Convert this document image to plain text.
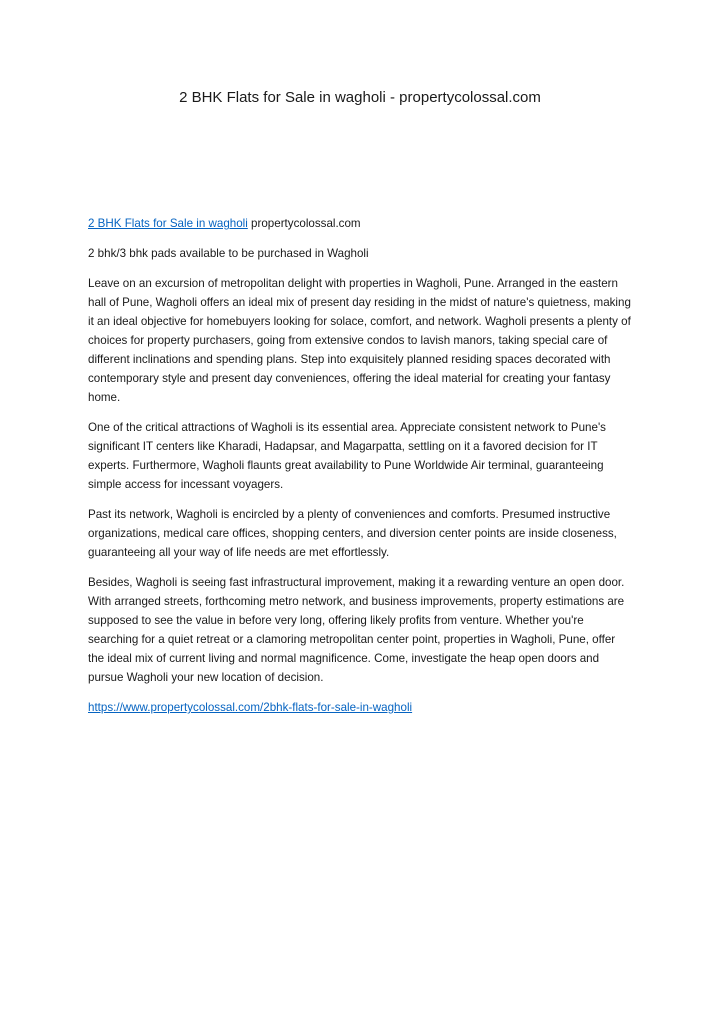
2 BHK Flats for Sale in wagholi - propertycolossal.com

2 BHK Flats for Sale in wagholi propertycolossal.com

2 bhk/3 bhk pads available to be purchased in Wagholi

Leave on an excursion of metropolitan delight with properties in Wagholi, Pune. Arranged in the eastern hall of Pune, Wagholi offers an ideal mix of present day residing in the midst of nature's quietness, making it an ideal objective for homebuyers looking for solace, comfort, and network. Wagholi presents a plenty of choices for property purchasers, going from extensive condos to lavish manors, taking special care of different inclinations and spending plans. Step into exquisitely planned residing spaces decorated with contemporary style and present day conveniences, offering the ideal material for creating your fantasy home.

One of the critical attractions of Wagholi is its essential area. Appreciate consistent network to Pune's significant IT centers like Kharadi, Hadapsar, and Magarpatta, settling on it a favored decision for IT experts. Furthermore, Wagholi flaunts great availability to Pune Worldwide Air terminal, guaranteeing simple access for incessant voyagers.

Past its network, Wagholi is encircled by a plenty of conveniences and comforts. Presumed instructive organizations, medical care offices, shopping centers, and diversion center points are inside closeness, guaranteeing all your way of life needs are met effortlessly.

Besides, Wagholi is seeing fast infrastructural improvement, making it a rewarding venture an open door. With arranged streets, forthcoming metro network, and business improvements, property estimations are supposed to see the value in before very long, offering likely profits from venture. Whether you're searching for a quiet retreat or a clamoring metropolitan center point, properties in Wagholi, Pune, offer the ideal mix of current living and normal magnificence. Come, investigate the heap open doors and pursue Wagholi your new location of decision.

https://www.propertycolossal.com/2bhk-flats-for-sale-in-wagholi
